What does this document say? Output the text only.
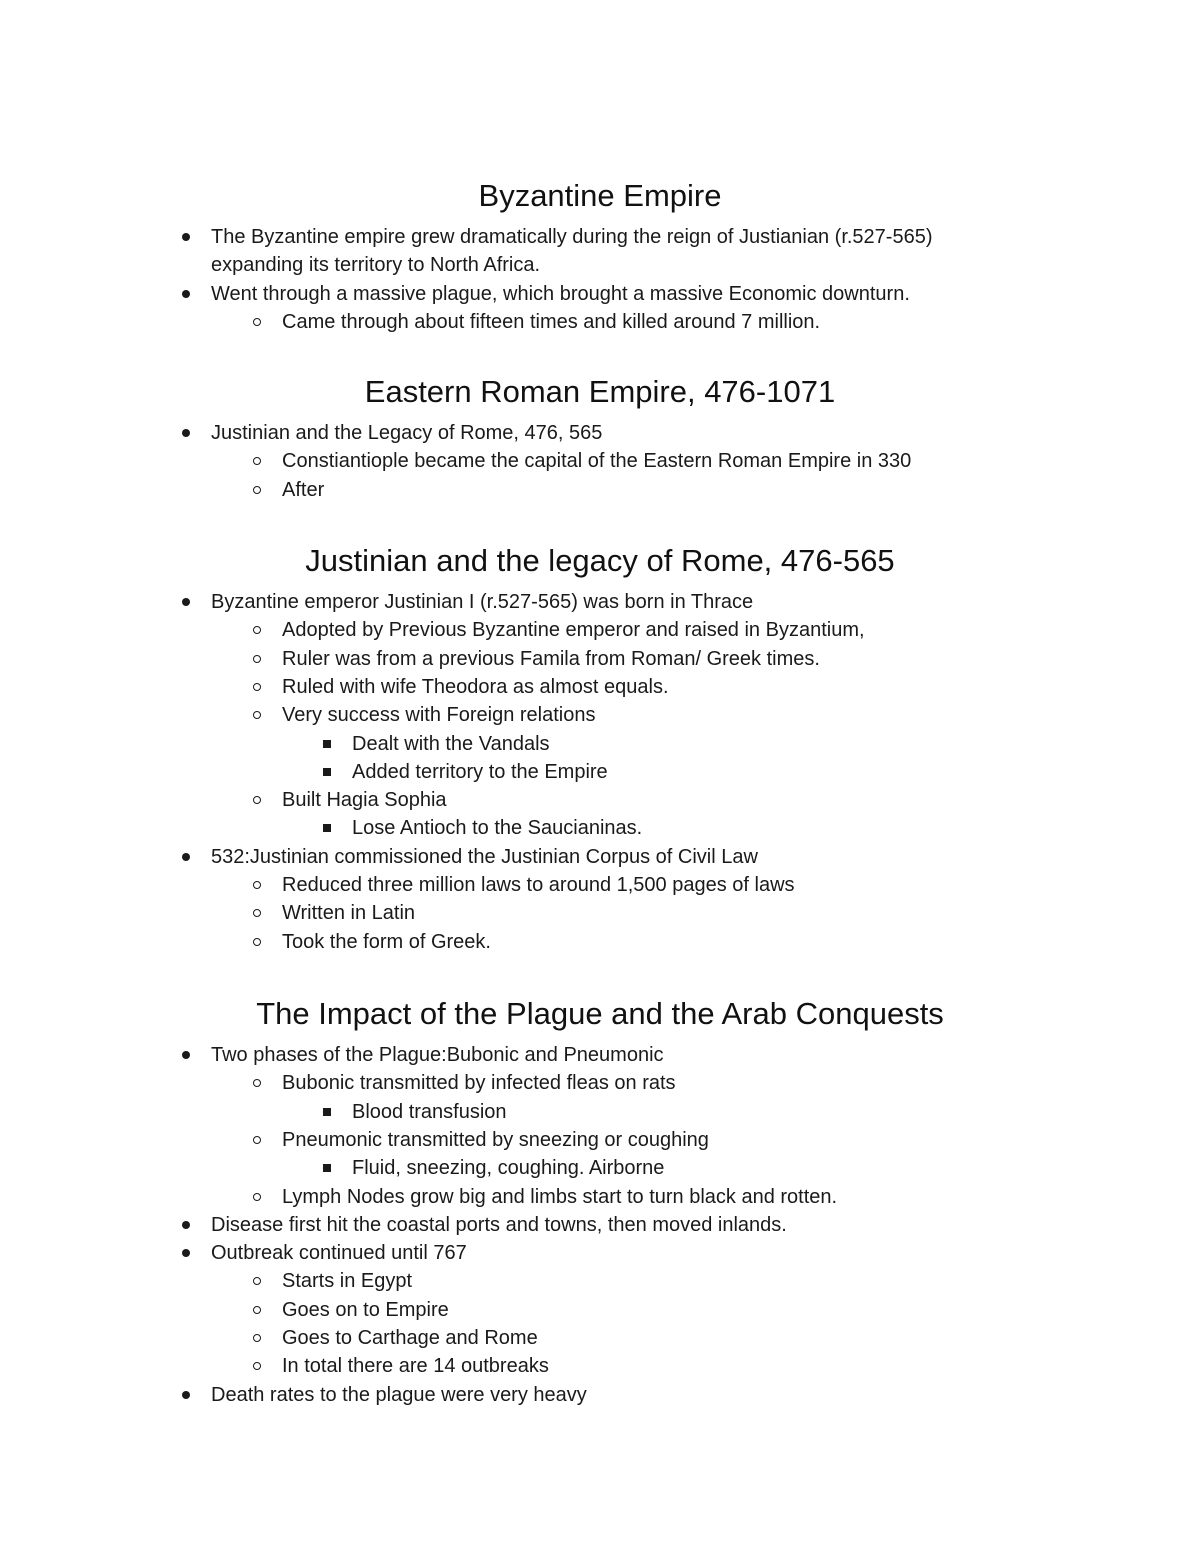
Byzantine Empire
The Byzantine empire grew dramatically during the reign of Justianian (r.527-565)
expanding its territory to North Africa.
Went through a massive plague, which brought a massive Economic downturn.
Came through about fifteen times and killed around 7 million.
Eastern Roman Empire, 476-1071
Justinian and the Legacy of Rome, 476, 565
Constiantiople became the capital of the Eastern Roman Empire in 330
After
Justinian and the legacy of Rome, 476-565
Byzantine emperor Justinian I (r.527-565) was born in Thrace
Adopted by Previous Byzantine emperor and raised in Byzantium,
Ruler was from a previous Famila from Roman/ Greek times.
Ruled with wife Theodora as almost equals.
Very success with Foreign relations
Dealt with the Vandals
Added territory to the Empire
Built Hagia Sophia
Lose Antioch to the Saucianinas.
532:Justinian commissioned the Justinian Corpus of Civil Law
Reduced three million laws to around 1,500 pages of laws
Written in Latin
Took the form of Greek.
The Impact of the Plague and the Arab Conquests
Two phases of the Plague:Bubonic and Pneumonic
Bubonic transmitted by infected fleas on rats
Blood transfusion
Pneumonic transmitted by sneezing or coughing
Fluid, sneezing, coughing. Airborne
Lymph Nodes grow big and limbs start to turn black and rotten.
Disease first hit the coastal ports and towns, then moved inlands.
Outbreak continued until 767
Starts in Egypt
Goes on to Empire
Goes to Carthage and Rome
In total there are 14 outbreaks
Death rates to the plague were very heavy
